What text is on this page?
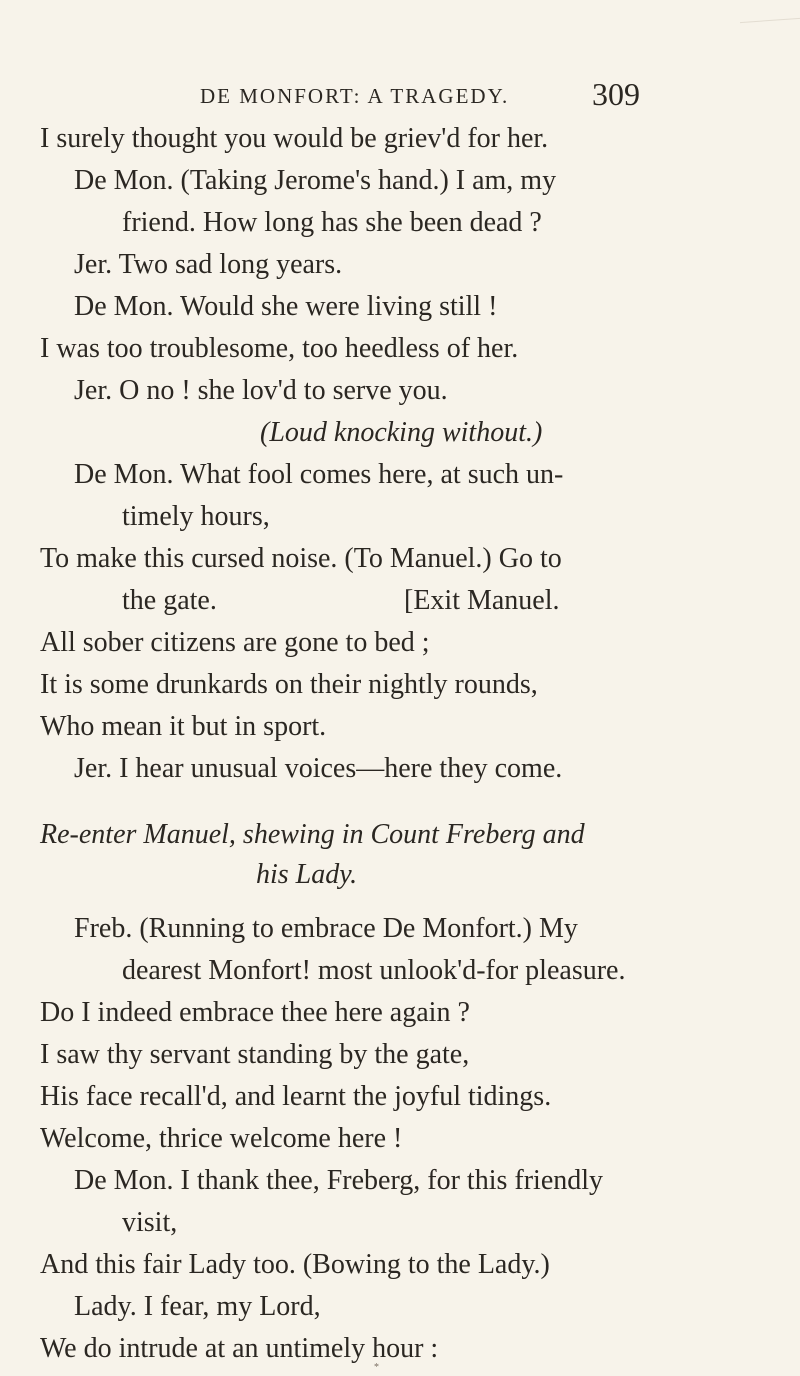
DE MONFORT: A TRAGEDY.	309
I surely thought you would be griev'd for her.
De Mon. (Taking Jerome's hand.) I am, my
friend. How long has she been dead ?
Jer. Two sad long years.
De Mon. Would she were living still !
I was too troublesome, too heedless of her.
Jer. O no ! she lov'd to serve you.
(Loud knocking without.)
De Mon. What fool comes here, at such un-
timely hours,
To make this cursed noise. (To Manuel.) Go to
the gate.	[Exit Manuel.
All sober citizens are gone to bed ;
It is some drunkards on their nightly rounds,
Who mean it but in sport.
Jer. I hear unusual voices—here they come.
Re-enter Manuel, shewing in Count Freberg and
his Lady.
Freb. (Running to embrace De Monfort.) My
dearest Monfort! most unlook'd-for pleasure.
Do I indeed embrace thee here again ?
I saw thy servant standing by the gate,
His face recall'd, and learnt the joyful tidings.
Welcome, thrice welcome here !
De Mon. I thank thee, Freberg, for this friendly
visit,
And this fair Lady too. (Bowing to the Lady.)
Lady. I fear, my Lord,
We do intrude at an untimely hour :
*
